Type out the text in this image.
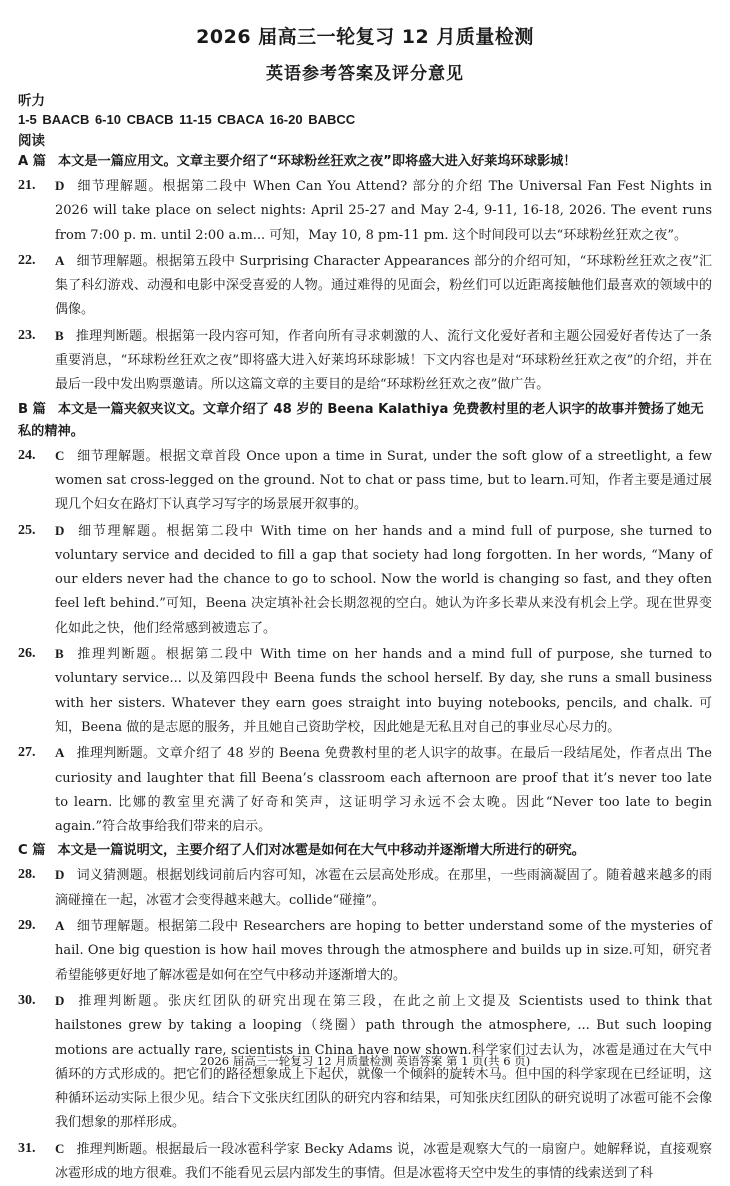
2026 届高三一轮复习 12 月质量检测
英语参考答案及评分意见
听力
1-5 BAACB 6-10 CBACB 11-15 CBACA 16-20 BABCC
阅读
A 篇 本文是一篇应用文。文章主要介绍了“环球粉丝狂欢之夜”即将盛大进入好莱坞环球影城！
21.	D 细节理解题。根据第二段中 When Can You Attend? 部分的介绍 The Universal Fan Fest Nights in 2026 will take place on select nights: April 25-27 and May 2-4, 9-11, 16-18, 2026. The event runs from 7:00 p. m. until 2:00 a.m... 可知，May 10, 8 pm-11 pm. 这个时间段可以去“环球粉丝狂欢之夜”。
22.	A 细节理解题。根据第五段中 Surprising Character Appearances 部分的介绍可知，“环球粉丝狂欢之夜”汇集了科幻游戏、动漫和电影中深受喜爱的人物。通过难得的见面会，粉丝们可以近距离接触他们最喜欢的领域中的偶像。
23.	B 推理判断题。根据第一段内容可知，作者向所有寻求刺激的人、流行文化爱好者和主题公园爱好者传达了一条重要消息，“环球粉丝狂欢之夜”即将盛大进入好莱坞环球影城！下文内容也是对“环球粉丝狂欢之夜”的介绍，并在最后一段中发出购票邀请。所以这篇文章的主要目的是给“环球粉丝狂欢之夜”做广告。
B 篇 本文是一篇夹叙夹议文。文章介绍了 48 岁的 Beena Kalathiya 免费教村里的老人识字的故事并赞扬了她无私的精神。
24.	C 细节理解题。根据文章首段 Once upon a time in Surat, under the soft glow of a streetlight, a few women sat cross-legged on the ground. Not to chat or pass time, but to learn.可知，作者主要是通过展现几个妇女在路灯下认真学习写字的场景展开叙事的。
25.	D 细节理解题。根据第二段中 With time on her hands and a mind full of purpose, she turned to voluntary service and decided to fill a gap that society had long forgotten. In her words, “Many of our elders never had the chance to go to school. Now the world is changing so fast, and they often feel left behind.”可知，Beena 决定填补社会长期忽视的空白。她认为许多长辈从来没有机会上学。现在世界变化如此之快，他们经常感到被遗忘了。
26.	B 推理判断题。根据第二段中 With time on her hands and a mind full of purpose, she turned to voluntary service... 以及第四段中 Beena funds the school herself. By day, she runs a small business with her sisters. Whatever they earn goes straight into buying notebooks, pencils, and chalk. 可知，Beena 做的是志愿的服务，并且她自己资助学校，因此她是无私且对自己的事业尽心尽力的。
27.	A 推理判断题。文章介绍了 48 岁的 Beena 免费教村里的老人识字的故事。在最后一段结尾处，作者点出 The curiosity and laughter that fill Beena’s classroom each afternoon are proof that it’s never too late to learn. 比娜的教室里充满了好奇和笑声，这证明学习永远不会太晚。因此“Never too late to begin again.”符合故事给我们带来的启示。
C 篇 本文是一篇说明文，主要介绍了人们对冰雹是如何在大气中移动并逐渐增大所进行的研究。
28.	D 词义猜测题。根据划线词前后内容可知，冰雹在云层高处形成。在那里，一些雨滴凝固了。随着越来越多的雨滴碰撞在一起，冰雹才会变得越来越大。collide“碰撞”。
29.	A 细节理解题。根据第二段中 Researchers are hoping to better understand some of the mysteries of hail. One big question is how hail moves through the atmosphere and builds up in size.可知，研究者希望能够更好地了解冰雹是如何在空气中移动并逐渐增大的。
30.	D 推理判断题。张庆红团队的研究出现在第三段，在此之前上文提及 Scientists used to think that hailstones grew by taking a looping（绕圈）path through the atmosphere, ... But such looping motions are actually rare, scientists in China have now shown.科学家们过去认为，冰雹是通过在大气中循环的方式形成的。把它们的路径想象成上下起伏，就像一个倾斜的旋转木马。但中国的科学家现在已经证明，这种循环运动实际上很少见。结合下文张庆红团队的研究内容和结果，可知张庆红团队的研究说明了冰雹可能不会像我们想象的那样形成。
31.	C 推理判断题。根据最后一段冰雹科学家 Becky Adams 说，冰雹是观察大气的一扇窗户。她解释说，直接观察冰雹形成的地方很难。我们不能看见云层内部发生的事情。但是冰雹将天空中发生的事情的线索送到了科
2026 届高三一轮复习 12 月质量检测 英语答案 第 1 页(共 6 页)
